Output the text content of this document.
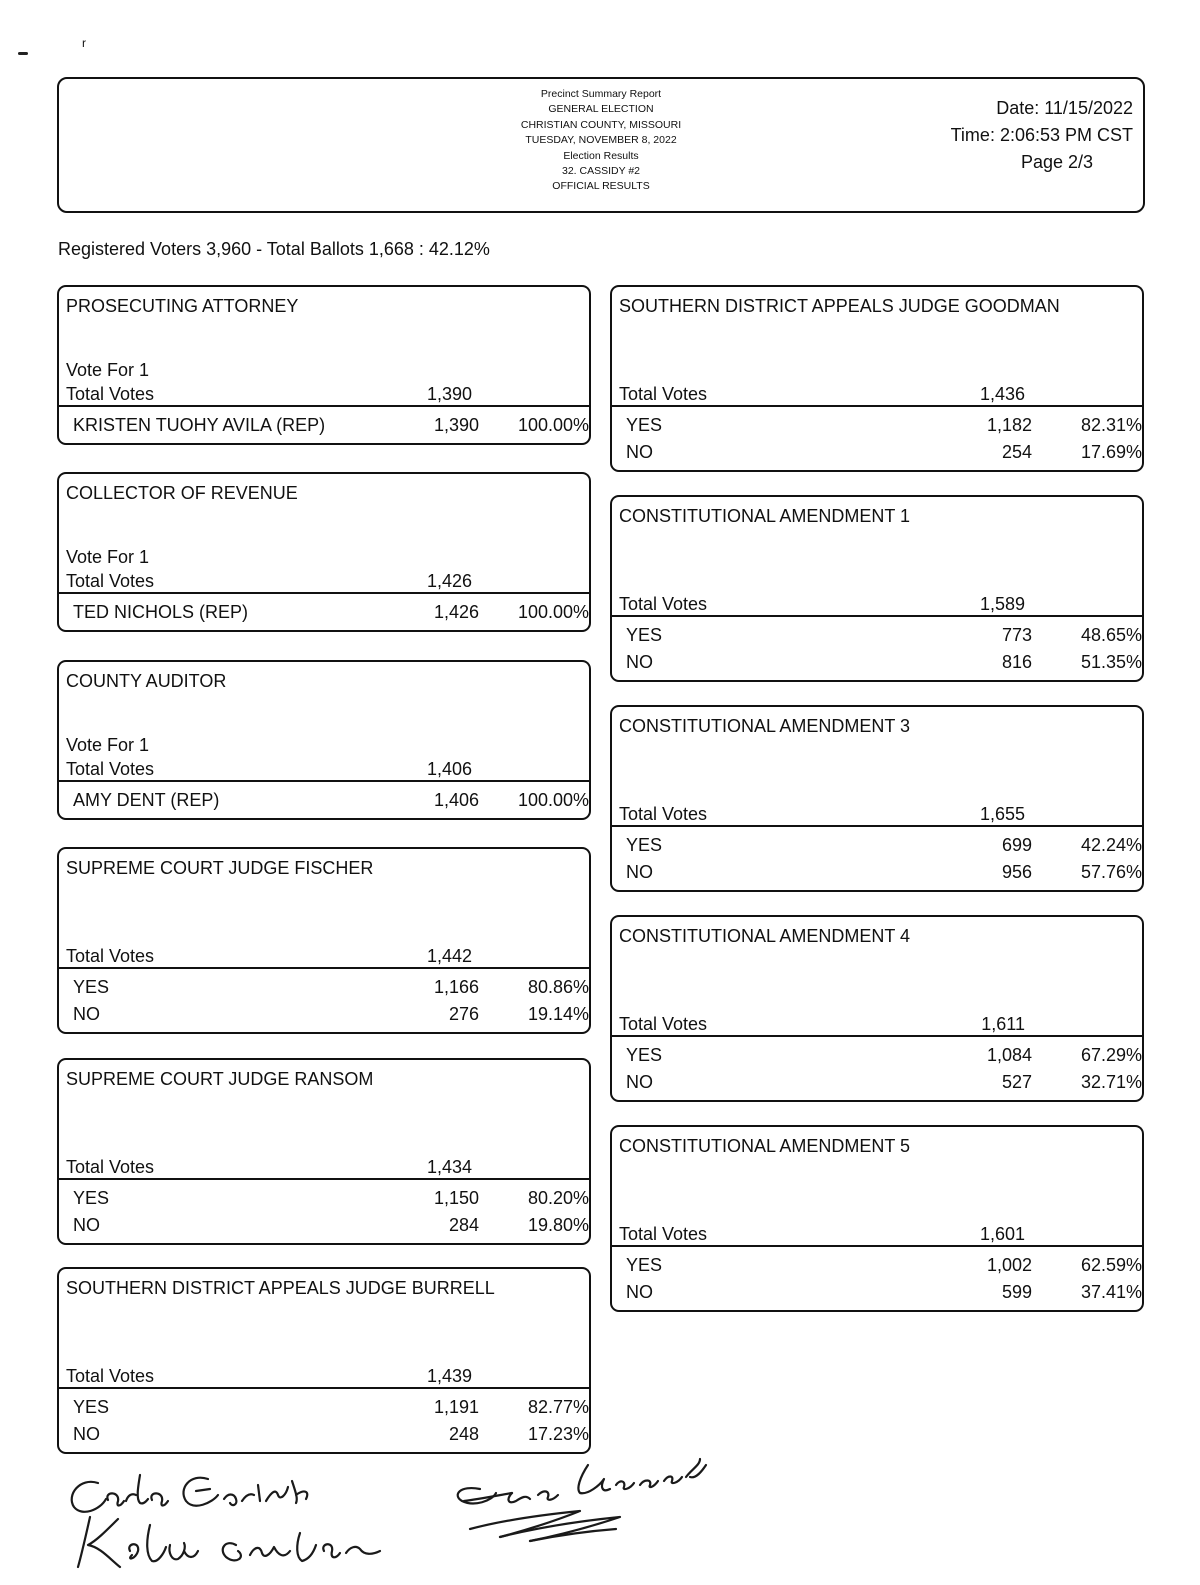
r
Precinct Summary Report
GENERAL ELECTION
CHRISTIAN COUNTY, MISSOURI
TUESDAY, NOVEMBER 8, 2022
Election Results
32. CASSIDY #2
OFFICIAL RESULTS
Date: 11/15/2022
Time: 2:06:53 PM CST
Page 2/3
Registered Voters 3,960 - Total Ballots 1,668 : 42.12%
PROSECUTING ATTORNEY
Vote For 1
Total Votes	1,390
KRISTEN TUOHY AVILA (REP)	1,390	100.00%
COLLECTOR OF REVENUE
Vote For 1
Total Votes	1,426
TED NICHOLS (REP)	1,426	100.00%
COUNTY AUDITOR
Vote For 1
Total Votes	1,406
AMY DENT (REP)	1,406	100.00%
SUPREME COURT JUDGE FISCHER
Total Votes	1,442
YES	1,166	80.86%
NO	276	19.14%
SUPREME COURT JUDGE RANSOM
Total Votes	1,434
YES	1,150	80.20%
NO	284	19.80%
SOUTHERN DISTRICT APPEALS JUDGE BURRELL
Total Votes	1,439
YES	1,191	82.77%
NO	248	17.23%
SOUTHERN DISTRICT APPEALS JUDGE GOODMAN
Total Votes	1,436
YES	1,182	82.31%
NO	254	17.69%
CONSTITUTIONAL AMENDMENT 1
Total Votes	1,589
YES	773	48.65%
NO	816	51.35%
CONSTITUTIONAL AMENDMENT 3
Total Votes	1,655
YES	699	42.24%
NO	956	57.76%
CONSTITUTIONAL AMENDMENT 4
Total Votes	1,611
YES	1,084	67.29%
NO	527	32.71%
CONSTITUTIONAL AMENDMENT 5
Total Votes	1,601
YES	1,002	62.59%
NO	599	37.41%
